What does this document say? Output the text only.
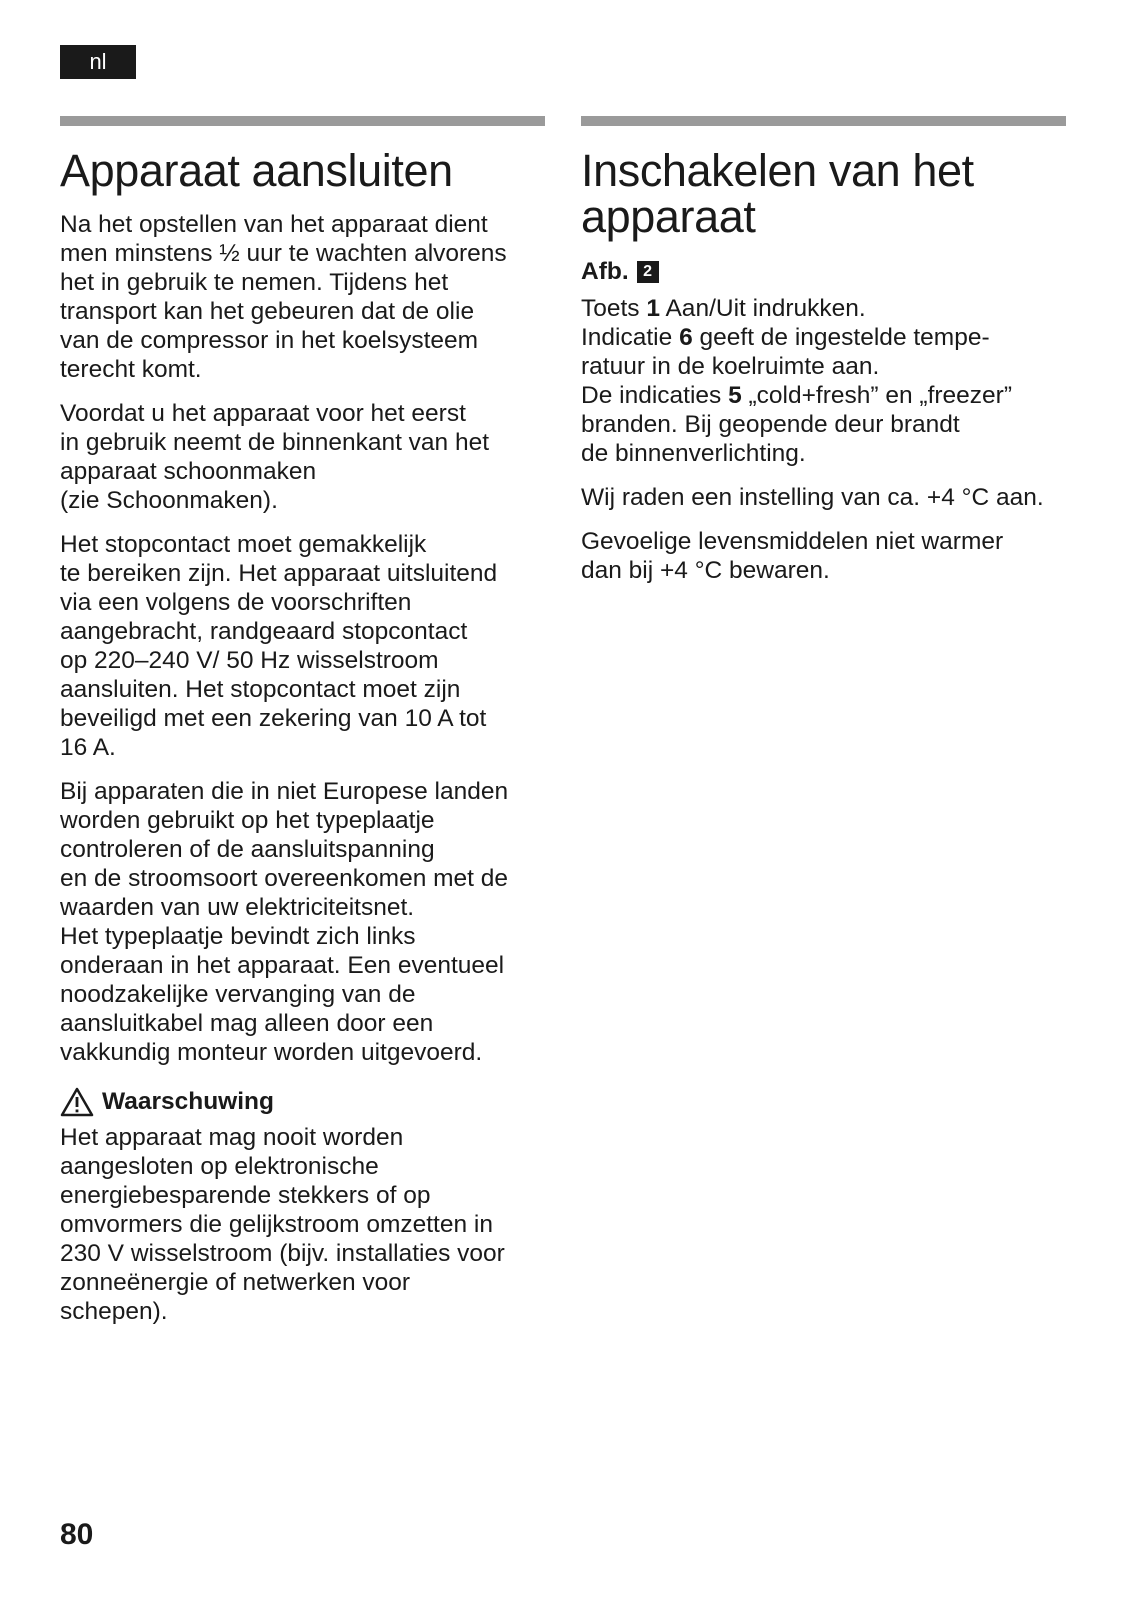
nl
Apparaat aansluiten

Na het opstellen van het apparaat dient
men minstens ½ uur te wachten alvorens
het in gebruik te nemen. Tijdens het
transport kan het gebeuren dat de olie
van de compressor in het koelsysteem
terecht komt.

Voordat u het apparaat voor het eerst
in gebruik neemt de binnenkant van het
apparaat schoonmaken
(zie Schoonmaken).

Het stopcontact moet gemakkelijk
te bereiken zijn. Het apparaat uitsluitend
via een volgens de voorschriften
aangebracht, randgeaard stopcontact
op 220–240 V/ 50 Hz wisselstroom
aansluiten. Het stopcontact moet zijn
beveiligd met een zekering van 10 A tot
16 A.

Bij apparaten die in niet Europese landen
worden gebruikt op het typeplaatje
controleren of de aansluitspanning
en de stroomsoort overeenkomen met de
waarden van uw elektriciteitsnet.
Het typeplaatje bevindt zich links
onderaan in het apparaat. Een eventueel
noodzakelijke vervanging van de
aansluitkabel mag alleen door een
vakkundig monteur worden uitgevoerd.

Waarschuwing

Het apparaat mag nooit worden
aangesloten op elektronische
energiebesparende stekkers of op
omvormers die gelijkstroom omzetten in
230 V wisselstroom (bijv. installaties voor
zonneënergie of netwerken voor
schepen).

Inschakelen van het
apparaat
Afb. 2

Toets 1 Aan/Uit indrukken.
Indicatie 6 geeft de ingestelde tempe-
ratuur in de koelruimte aan.
De indicaties 5 „cold+fresh” en „freezer”
branden. Bij geopende deur brandt
de binnenverlichting.

Wij raden een instelling van ca. +4 °C aan.

Gevoelige levensmiddelen niet warmer
dan bij +4 °C bewaren.

80
